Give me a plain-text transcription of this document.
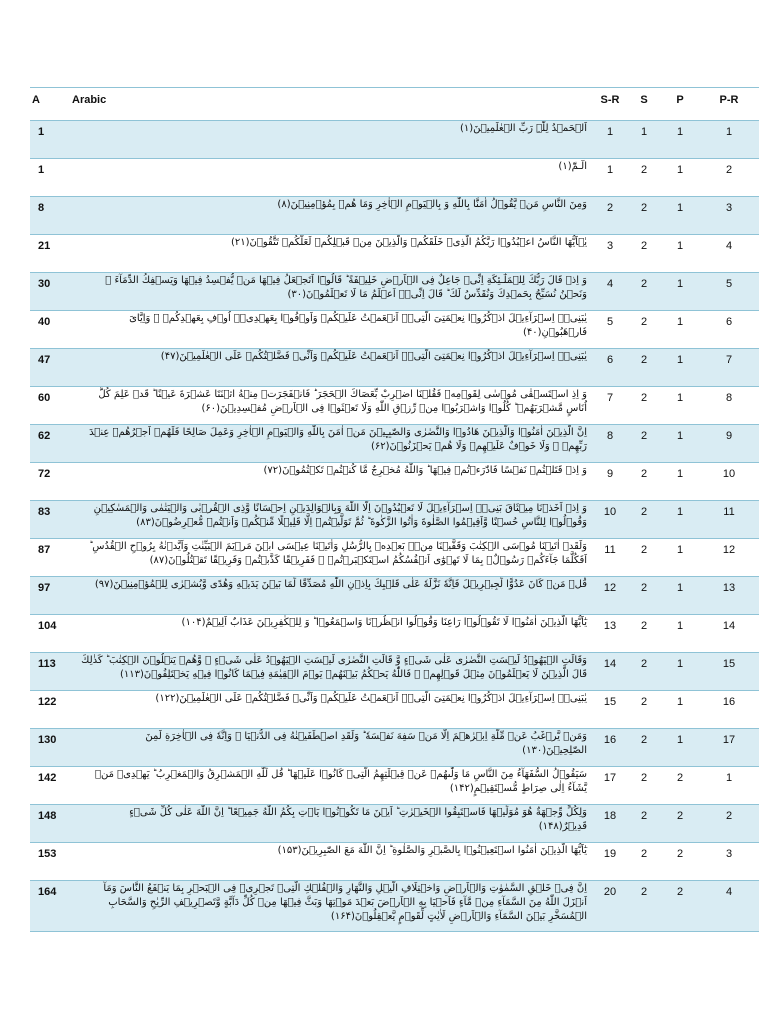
A	Arabic	S-R	S	P	P-R
1	اَلۡحَمۡدُ لِلّٰہِ رَبِّ الۡعٰلَمِیۡنَ(۱)	1	1	1	1
1	الٓـمّٓ(۱)	1	2	1	2
8	وَمِنَ النَّاسِ مَنۡ يَّقُوۡلُ اٰمَنَّا بِاللّٰهِ وَ بِالۡيَوۡمِ الۡاٰخِرِ وَمَا هُمۡ بِمُؤۡمِنِيۡنَ(۸)	2	2	1	3
21	يٰۤاَيُّهَا النَّاسُ اعۡبُدُوۡا رَبَّكُمُ الَّذِىۡ خَلَقَكُمۡ وَالَّذِيۡنَ مِنۡ قَبۡلِكُمۡ لَعَلَّكُمۡ تَتَّقُوۡنَ(۲۱)	3	2	1	4
30	وَ اِذۡ قَالَ رَبُّكَ لِلۡمَلٰٓـئِكَةِ اِنِّىۡ جَاعِلٌ فِى الۡاَرۡضِ خَلِيۡفَةً ؕ قَالُوۡٓا اَتَجۡعَلُ فِيۡهَا مَنۡ يُّفۡسِدُ فِيۡهَا وَيَسۡفِكُ الدِّمَآءَ ۚ وَنَحۡنُ نُسَبِّحُ بِحَمۡدِكَ وَنُقَدِّسُ لَكَ ؕ قَالَ اِنِّىۡۤ اَعۡلَمُ مَا لَا تَعۡلَمُوۡنَ(۳۰)	4	2	1	5
40	يٰبَنِىۡۤ اِسۡرَآءِيۡلَ اذۡكُرُوۡا نِعۡمَتِىَ الَّتِىۡۤ اَنۡعَمۡتُ عَلَيۡكُمۡ وَاَوۡفُوۡا بِعَهۡدِىۡۤ اُوۡفِ بِعَهۡدِكُمۡ ۚ وَاِيَّاىَ فَارۡهَبُوۡنِ(۴۰)	5	2	1	6
47	يٰبَنِىۡۤ اِسۡرَآءِيۡلَ اذۡكُرُوۡا نِعۡمَتِىَ الَّتِىۡۤ اَنۡعَمۡتُ عَلَيۡكُمۡ وَاَنِّىۡ فَضَّلۡتُكُمۡ عَلَى الۡعٰلَمِيۡنَ(۴۷)	6	2	1	7
60	وَ اِذِ اسۡتَسۡقٰى مُوۡسٰى لِقَوۡمِهٖ فَقُلۡنَا اضۡرِبْ بِّعَصَاكَ الۡحَجَرَ ؕ فَانۡفَجَرَتۡ مِنۡهُ اثۡنَتَا عَشۡرَةَ عَيۡنًا ؕ قَدۡ عَلِمَ كُلُّ اُنَاسٍ مَّشۡرَبَهُمۡ ؕ كُلُوۡا وَاشۡرَبُوۡا مِنۡ رِّزۡقِ اللّٰهِ وَلَا تَعۡثَوۡا فِى الۡاَرۡضِ مُفۡسِدِيۡنَ(۶۰)	7	2	1	8
62	اِنَّ الَّذِيۡنَ اٰمَنُوۡا وَالَّذِيۡنَ هَادُوۡا وَالنَّصٰرٰى وَالصّٰبِـِٕيۡنَ مَنۡ اٰمَنَ بِاللّٰهِ وَالۡيَوۡمِ الۡاٰخِرِ وَعَمِلَ صَالِحًا فَلَهُمۡ اَجۡرُهُمۡ عِنۡدَ رَبِّهِمۡ ۚ وَلَا خَوۡفٌ عَلَيۡهِمۡ وَلَا هُمۡ يَحۡزَنُوۡنَ(۶۲)	8	2	1	9
72	وَ اِذۡ قَتَلۡتُمۡ نَفۡسًا فَادّٰرَءۡتُمۡ فِيۡهَا ؕ وَاللّٰهُ مُخۡرِجٌ مَّا كُنۡتُمۡ تَكۡتُمُوۡنَ(۷۲)	9	2	1	10
83	وَ اِذۡ اَخَذۡنَا مِيۡثَاقَ بَنِىۡۤ اِسۡرَآءِيۡلَ لَا تَعۡبُدُوۡنَ اِلَّا اللّٰهَ وَبِالۡوَالِدَيۡنِ اِحۡسَانًا وَّذِى الۡقُرۡبٰى وَالۡيَتٰمٰى وَالۡمَسٰكِيۡنِ وَقُوۡلُوۡا لِلنَّاسِ حُسۡنًا وَّاَقِيۡمُوا الصَّلٰوةَ وَاٰتُوا الزَّکٰوةَ ؕ ثُمَّ تَوَلَّيۡتُمۡ اِلَّا قَلِيۡلًا مِّنۡكُمۡ وَاَنۡتُمۡ مُّعۡرِضُوۡنَ(۸۳)	10	2	1	11
87	وَلَقَدۡ اٰتَيۡنَا مُوۡسَى الۡكِتٰبَ وَقَفَّيۡنَا مِنۡۢ بَعۡدِهٖ بِالرُّسُلِ وَاٰتَيۡنَا عِيۡسَى ابۡنَ مَرۡيَمَ الۡبَيِّنٰتِ وَاَيَّدۡنٰهُ بِرُوۡحِ الۡقُدُسِ ؕ اَفَكُلَّمَا جَآءَكُمۡ رَسُوۡلٌۢ بِمَا لَا تَهۡوٰٓى اَنۡفُسُكُمُ اسۡتَكۡبَرۡتُمۡ ۚ فَفَرِيۡقًا كَذَّبۡتُمۡ وَفَرِيۡقًا تَقۡتُلُوۡنَ(۸۷)	11	2	1	12
97	قُلۡ مَنۡ كَانَ عَدُوًّا لِّجِبۡرِيۡلَ فَاِنَّهٗ نَزَّلَهٗ عَلٰى قَلۡبِكَ بِاِذۡنِ اللّٰهِ مُصَدِّقًا لِّمَا بَيۡنَ يَدَيۡهِ وَهُدًى وَّبُشۡرٰى لِلۡمُؤۡمِنِيۡنَ(۹۷)	12	2	1	13
104	يٰٓاَيُّهَا الَّذِيۡنَ اٰمَنُوۡا لَا تَقُوۡلُوۡا رَاعِنَا وَقُوۡلُوا انۡظُرۡنَا وَاسۡمَعُوۡا ؕ وَ لِلۡكٰفِرِيۡنَ عَذَابٌ اَلِيۡمٌ(۱۰۴)	13	2	1	14
113	وَقَالَتِ الۡيَهُوۡدُ لَيۡسَتِ النَّصٰرٰى عَلٰى شَىۡءٍ وَّ قَالَتِ النَّصٰرٰى لَيۡسَتِ الۡيَهُوۡدُ عَلٰى شَىۡءٍ ۙ وَّهُمۡ يَتۡلُوۡنَ الۡكِتٰبَ ؕ كَذٰلِكَ قَالَ الَّذِيۡنَ لَا يَعۡلَمُوۡنَ مِثۡلَ قَوۡلِهِمۡ ۚ فَاللّٰهُ يَحۡكُمُ بَيۡنَهُمۡ يَوۡمَ الۡقِيٰمَةِ فِيۡمَا كَانُوۡا فِيۡهِ يَخۡتَلِفُوۡنَ(۱۱۳)	14	2	1	15
122	يٰبَنِىۡۤ اِسۡرَآءِيۡلَ اذۡكُرُوۡا نِعۡمَتِىَ الَّتِىۡۤ اَنۡعَمۡتُ عَلَيۡكُمۡ وَاَنِّىۡ فَضَّلۡتُكُمۡ عَلَى الۡعٰلَمِيۡنَ(۱۲۲)	15	2	1	16
130	وَمَنۡ يَّرۡغَبُ عَنۡ مِّلَّةِ اِبۡرٰهٖمَ اِلَّا مَنۡ سَفِهَ نَفۡسَهٗ ؕ وَلَقَدِ اصۡطَفَيۡنٰهُ فِى الدُّنۡيَا ۚ وَاِنَّهٗ فِى الۡاٰخِرَةِ لَمِنَ الصّٰلِحِيۡنَ(۱۳۰)	16	2	1	17
142	سَيَقُوۡلُ السُّفَهَآءُ مِنَ النَّاسِ مَا وَلّٰٮهُمۡ عَنۡ قِبۡلَتِهِمُ الَّتِىۡ كَانُوۡا عَلَيۡهَا ؕ قُل لِّلّٰهِ الۡمَشۡرِقُ وَالۡمَغۡرِبُ ؕ يَهۡدِىۡ مَنۡ يَّشَآءُ اِلٰى صِرَاطٍ مُّسۡتَقِيۡمٍ(۱۴۲)	17	2	2	1
148	وَلِكُلٍّ وِّجۡهَةٌ هُوَ مُوَلِّيۡهَا فَاسۡتَبِقُوا الۡخَيۡرٰتِ ؕ اَيۡنَ مَا تَكُوۡنُوۡا يَاۡتِ بِكُمُ اللّٰهُ جَمِيۡعًا ؕ اِنَّ اللّٰهَ عَلٰى كُلِّ شَىۡءٍ قَدِيۡرٌ(۱۴۸)	18	2	2	2
153	يٰٓاَيُّهَا الَّذِيۡنَ اٰمَنُوا اسۡتَعِيۡنُوۡا بِالصَّبۡرِ وَالصَّلٰوةِ ؕ اِنَّ اللّٰهَ مَعَ الصّٰبِرِيۡنَ(۱۵۳)	19	2	2	3
164	اِنَّ فِىۡ خَلۡقِ السَّمٰوٰتِ وَالۡاَرۡضِ وَاخۡتِلَافِ الَّيۡلِ وَالنَّهَارِ وَالۡفُلۡكِ الَّتِىۡ تَجۡرِىۡ فِى الۡبَحۡرِ بِمَا يَنۡفَعُ النَّاسَ وَمَآ اَنۡزَلَ اللّٰهُ مِنَ السَّمَآءِ مِنۡ مَّآءٍ فَاَحۡيَا بِهِ الۡاَرۡضَ بَعۡدَ مَوۡتِهَا وَبَثَّ فِيۡهَا مِنۡ كُلِّ دَآبَّةٍ وَّتَصۡرِيۡفِ الرِّيٰحِ وَالسَّحَابِ الۡمُسَخَّرِ بَيۡنَ السَّمَآءِ وَالۡاَرۡضِ لَاٰيٰتٍ لِّقَوۡمٍ يَّعۡقِلُوۡنَ(۱۶۴)	20	2	2	4
